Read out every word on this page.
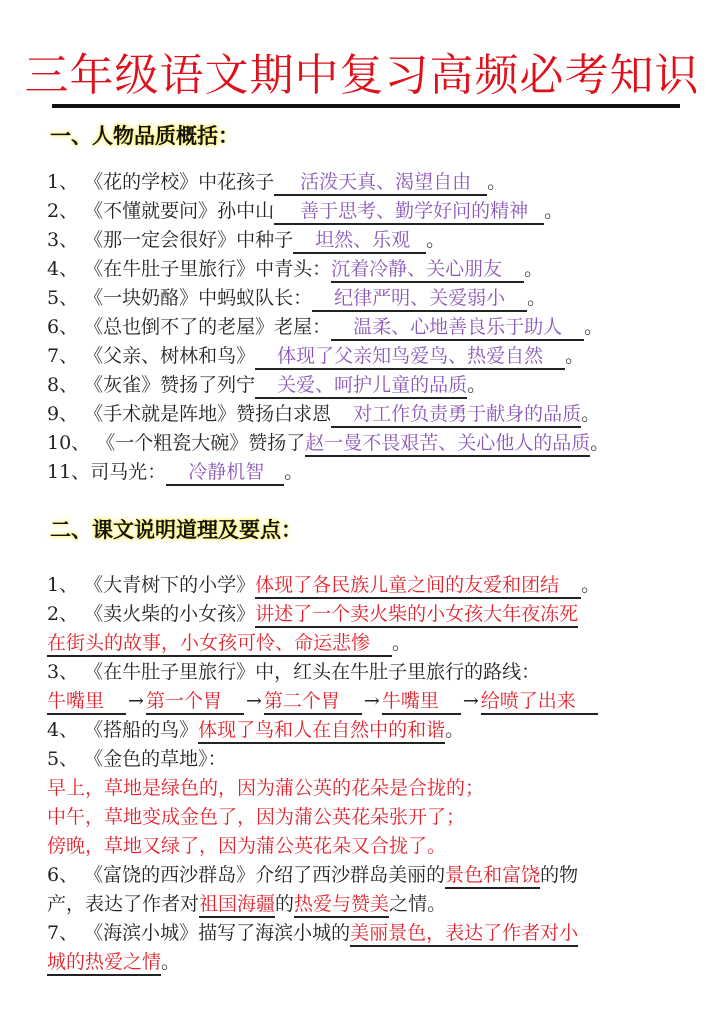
三年级语文期中复习高频必考知识
一、人物品质概括：
1、 《花的学校》中花孩子 活泼天真、渴望自由 。
2、 《不懂就要问》孙中山 善于思考、勤学好问的精神 。
3、 《那一定会很好》中种子 坦然、乐观 。
4、 《在牛肚子里旅行》中青头：沉着冷静、关心朋友 。
5、 《一块奶酪》中蚂蚁队长： 纪律严明、关爱弱小 。
6、 《总也倒不了的老屋》老屋： 温柔、心地善良乐于助人 。
7、 《父亲、树林和鸟》 体现了父亲知鸟爱鸟、热爱自然 。
8、 《灰雀》赞扬了列宁 关爱、呵护儿童的品质。
9、 《手术就是阵地》赞扬白求恩 对工作负责勇于献身的品质。
10、 《一个粗瓷大碗》赞扬了赵一曼不畏艰苦、关心他人的品质。
11、司马光： 冷静机智 。
二、课文说明道理及要点：
1、 《大青树下的小学》体现了各民族儿童之间的友爱和团结 。
2、 《卖火柴的小女孩》讲述了一个卖火柴的小女孩大年夜冻死
在街头的故事，小女孩可怜、命运悲惨 。
3、 《在牛肚子里旅行》中，红头在牛肚子里旅行的路线：
牛嘴里 → 第一个胃 → 第二个胃 → 牛嘴里 → 给喷了出来
4、 《搭船的鸟》体现了鸟和人在自然中的和谐。
5、 《金色的草地》：
早上，草地是绿色的，因为蒲公英的花朵是合拢的；
中午，草地变成金色了，因为蒲公英花朵张开了；
傍晚，草地又绿了，因为蒲公英花朵又合拢了。
6、 《富饶的西沙群岛》介绍了西沙群岛美丽的景色和富饶的物
产，表达了作者对祖国海疆的热爱与赞美之情。
7、 《海滨小城》描写了海滨小城的美丽景色，表达了作者对小
城的热爱之情。
